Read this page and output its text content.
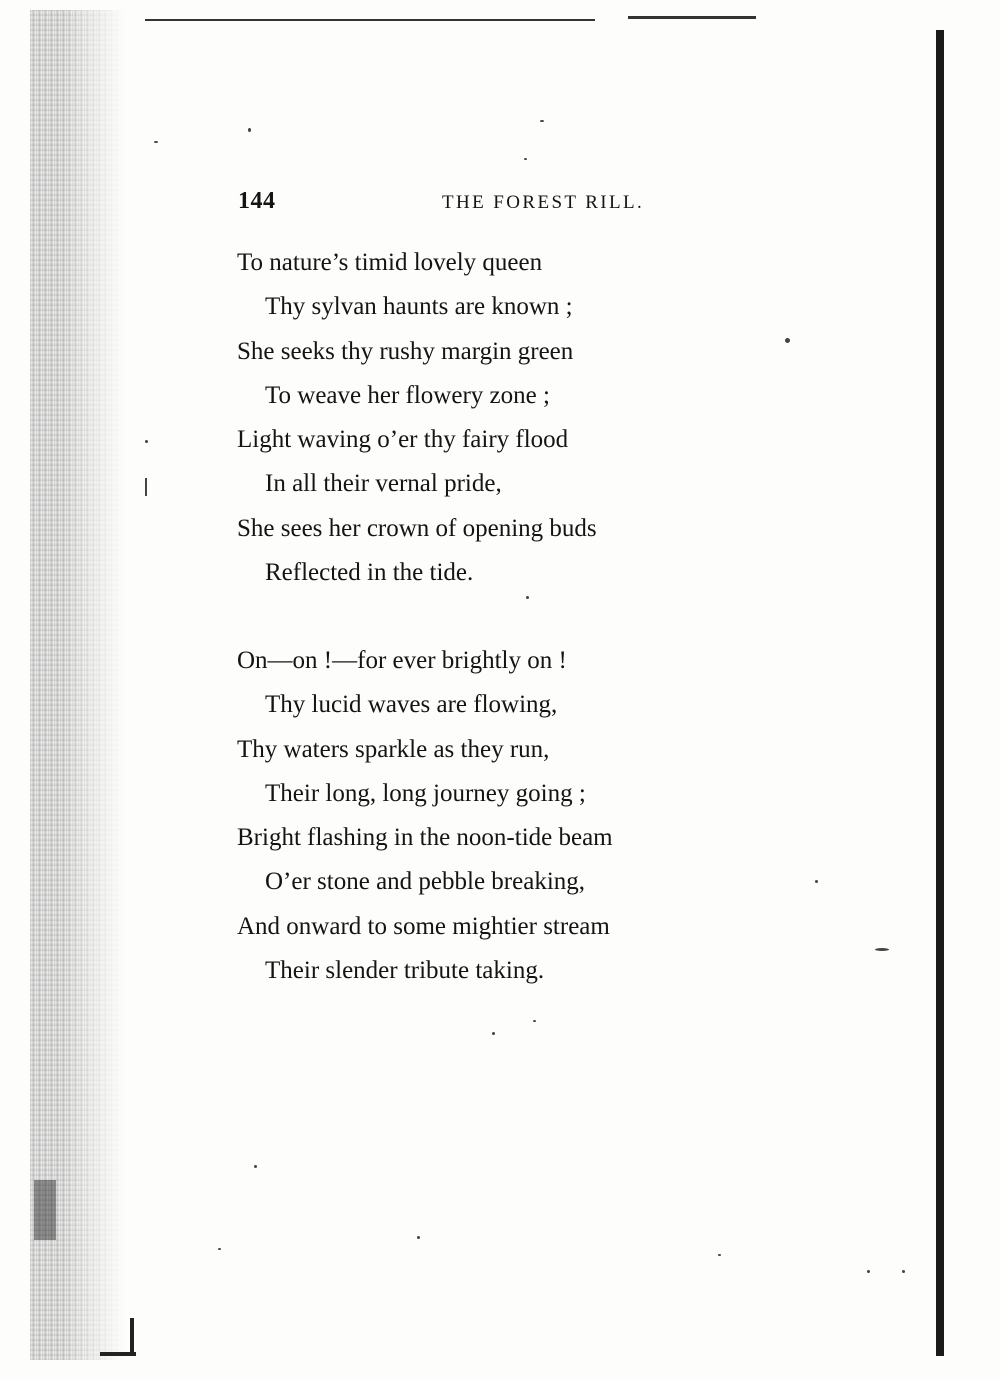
144	THE FOREST RILL.
To nature’s timid lovely queen
Thy sylvan haunts are known ;
She seeks thy rushy margin green
To weave her flowery zone ;
Light waving o’er thy fairy flood
In all their vernal pride,
She sees her crown of opening buds
Reflected in the tide.
On—on !—for ever brightly on !
Thy lucid waves are flowing,
Thy waters sparkle as they run,
Their long, long journey going ;
Bright flashing in the noon-tide beam
O’er stone and pebble breaking,
And onward to some mightier stream
Their slender tribute taking.
